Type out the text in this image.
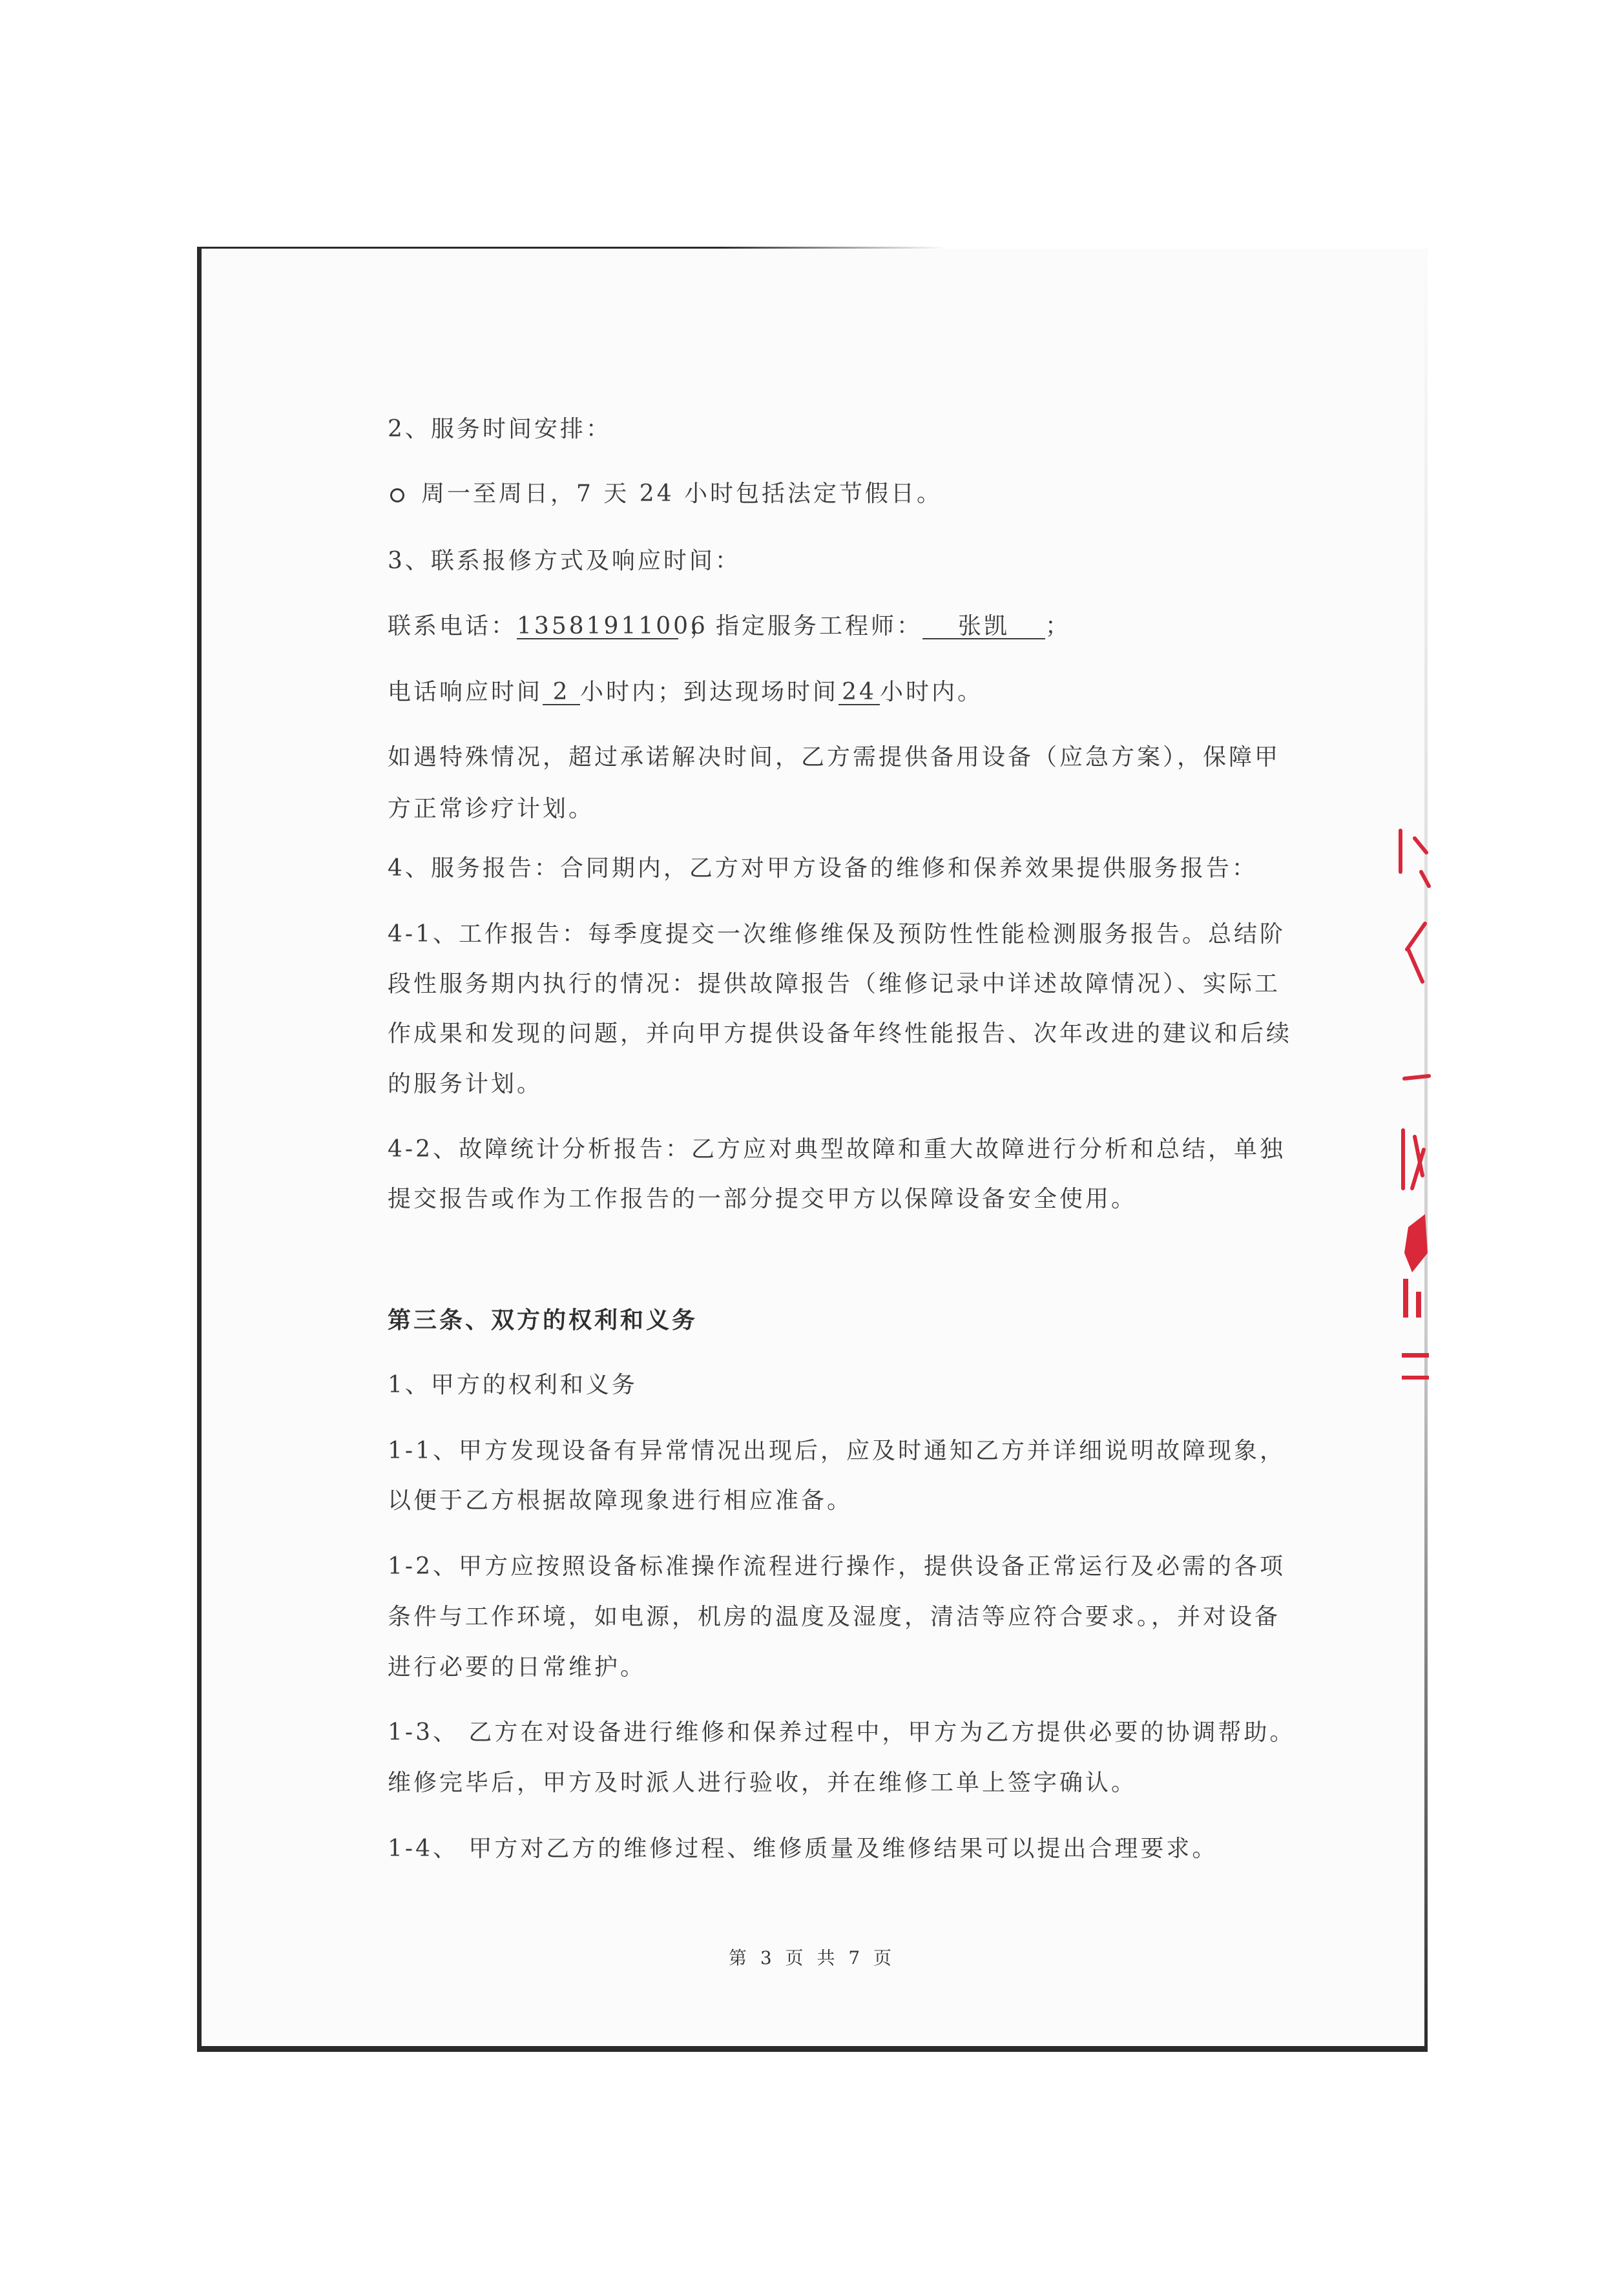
2、服务时间安排：
周一至周日，7 天 24 小时包括法定节假日。
3、联系报修方式及响应时间：
联系电话：13581911006，指定服务工程师： 张凯 ；
电话响应时间 2 小时内；到达现场时间 24 小时内。
如遇特殊情况，超过承诺解决时间，乙方需提供备用设备（应急方案），保障甲
方正常诊疗计划。
4、服务报告：合同期内，乙方对甲方设备的维修和保养效果提供服务报告：
4-1、工作报告：每季度提交一次维修维保及预防性性能检测服务报告。总结阶
段性服务期内执行的情况：提供故障报告（维修记录中详述故障情况）、实际工
作成果和发现的问题，并向甲方提供设备年终性能报告、次年改进的建议和后续
的服务计划。
4-2、故障统计分析报告：乙方应对典型故障和重大故障进行分析和总结，单独
提交报告或作为工作报告的一部分提交甲方以保障设备安全使用。
第三条、双方的权利和义务
1、甲方的权利和义务
1-1、甲方发现设备有异常情况出现后，应及时通知乙方并详细说明故障现象，
以便于乙方根据故障现象进行相应准备。
1-2、甲方应按照设备标准操作流程进行操作，提供设备正常运行及必需的各项
条件与工作环境，如电源，机房的温度及湿度，清洁等应符合要求。，并对设备
进行必要的日常维护。
1-3、 乙方在对设备进行维修和保养过程中，甲方为乙方提供必要的协调帮助。
维修完毕后，甲方及时派人进行验收，并在维修工单上签字确认。
1-4、 甲方对乙方的维修过程、维修质量及维修结果可以提出合理要求。
第 3 页 共 7 页
